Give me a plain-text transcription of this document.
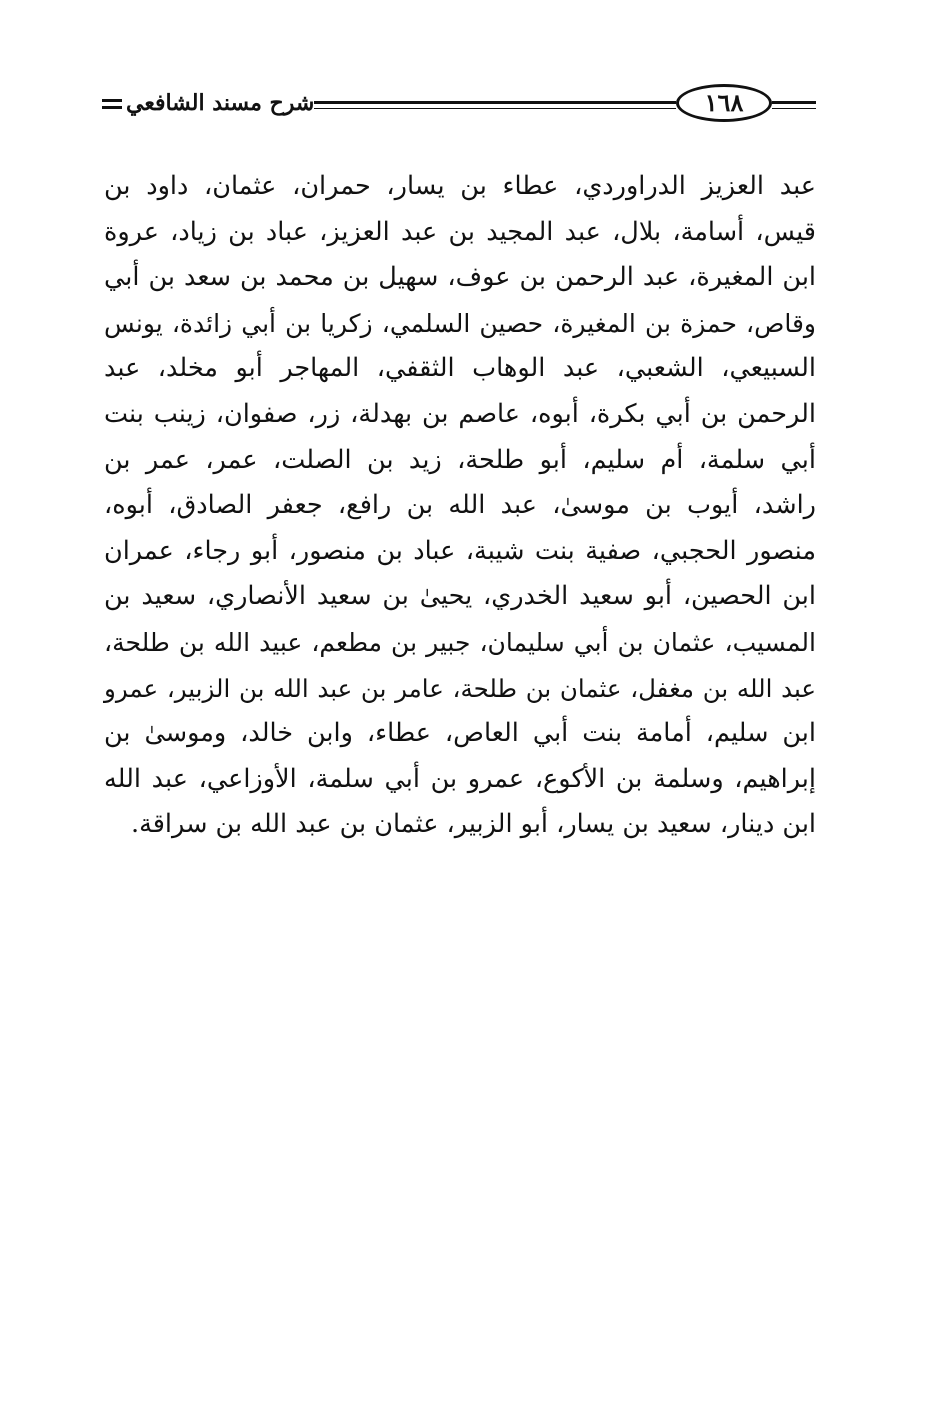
شرح مسند الشافعي	١٦٨
عبد العزيز الدراوردي، عطاء بن يسار، حمران، عثمان، داود بن
قيس، أسامة، بلال، عبد المجيد بن عبد العزيز، عباد بن زياد، عروة
ابن المغيرة، عبد الرحمن بن عوف، سهيل بن محمد بن سعد بن أبي
وقاص، حمزة بن المغيرة، حصين السلمي، زكريا بن أبي زائدة، يونس
السبيعي، الشعبي، عبد الوهاب الثقفي، المهاجر أبو مخلد، عبد
الرحمن بن أبي بكرة، أبوه، عاصم بن بهدلة، زر، صفوان، زينب بنت
أبي سلمة، أم سليم، أبو طلحة، زيد بن الصلت، عمر، عمر بن
راشد، أيوب بن موسىٰ، عبد الله بن رافع، جعفر الصادق، أبوه،
منصور الحجبي، صفية بنت شيبة، عباد بن منصور، أبو رجاء، عمران
ابن الحصين، أبو سعيد الخدري، يحيىٰ بن سعيد الأنصاري، سعيد بن
المسيب، عثمان بن أبي سليمان، جبير بن مطعم، عبيد الله بن طلحة،
عبد الله بن مغفل، عثمان بن طلحة، عامر بن عبد الله بن الزبير، عمرو
ابن سليم، أمامة بنت أبي العاص، عطاء، وابن خالد، وموسىٰ بن
إبراهيم، وسلمة بن الأكوع، عمرو بن أبي سلمة، الأوزاعي، عبد الله
ابن دينار، سعيد بن يسار، أبو الزبير، عثمان بن عبد الله بن سراقة.
